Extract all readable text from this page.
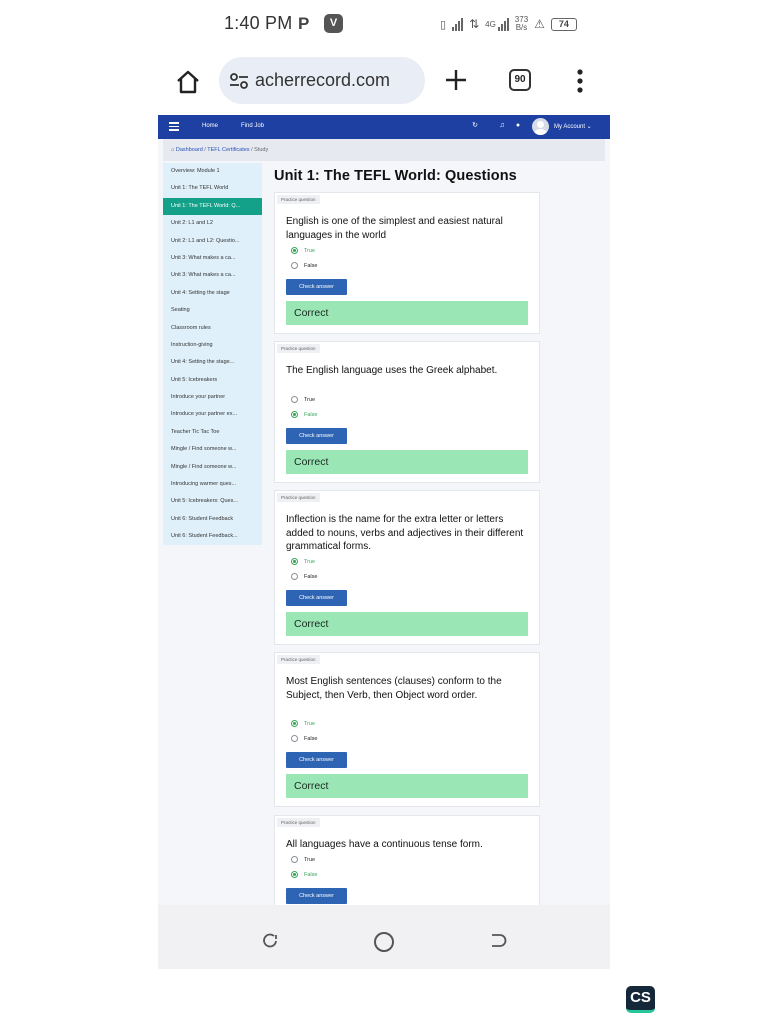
1:40 PM P	V	▯ ⇅ 4G 373
B/s ⚠	74
acherrecord.com	90
Home	Find Job	↻	♫ ●	My Account ⌄
⌂ Dashboard / TEFL Certificates / Study
Overview: Module 1
Unit 1: The TEFL World
Unit 1: The TEFL World: Q...
Unit 2: L1 and L2
Unit 2: L1 and L2: Questio...
Unit 3: What makes a ca...
Unit 3: What makes a ca...
Unit 4: Setting the stage
Seating
Classroom rules
Instruction-giving
Unit 4: Setting the stage...
Unit 5: Icebreakers
Introduce your partner
Introduce your partner ex...
Teacher Tic Tac Toe
Mingle / Find someone w...
Mingle / Find someone w...
Introducing warmer ques...
Unit 5: Icebreakers: Ques...
Unit 6: Student Feedback
Unit 6: Student Feedback...
Unit 1: The TEFL World: Questions
Practice question
English is one of the simplest and easiest natural languages in the world
True
False
Check answer
Correct
Practice question
The English language uses the Greek alphabet.
True
False
Check answer
Correct
Practice question
Inflection is the name for the extra letter or letters added to nouns, verbs and adjectives in their different grammatical forms.
True
False
Check answer
Correct
Practice question
Most English sentences (clauses) conform to the Subject, then Verb, then Object word order.
True
False
Check answer
Correct
Practice question
All languages have a continuous tense form.
True
False
Check answer
CS
